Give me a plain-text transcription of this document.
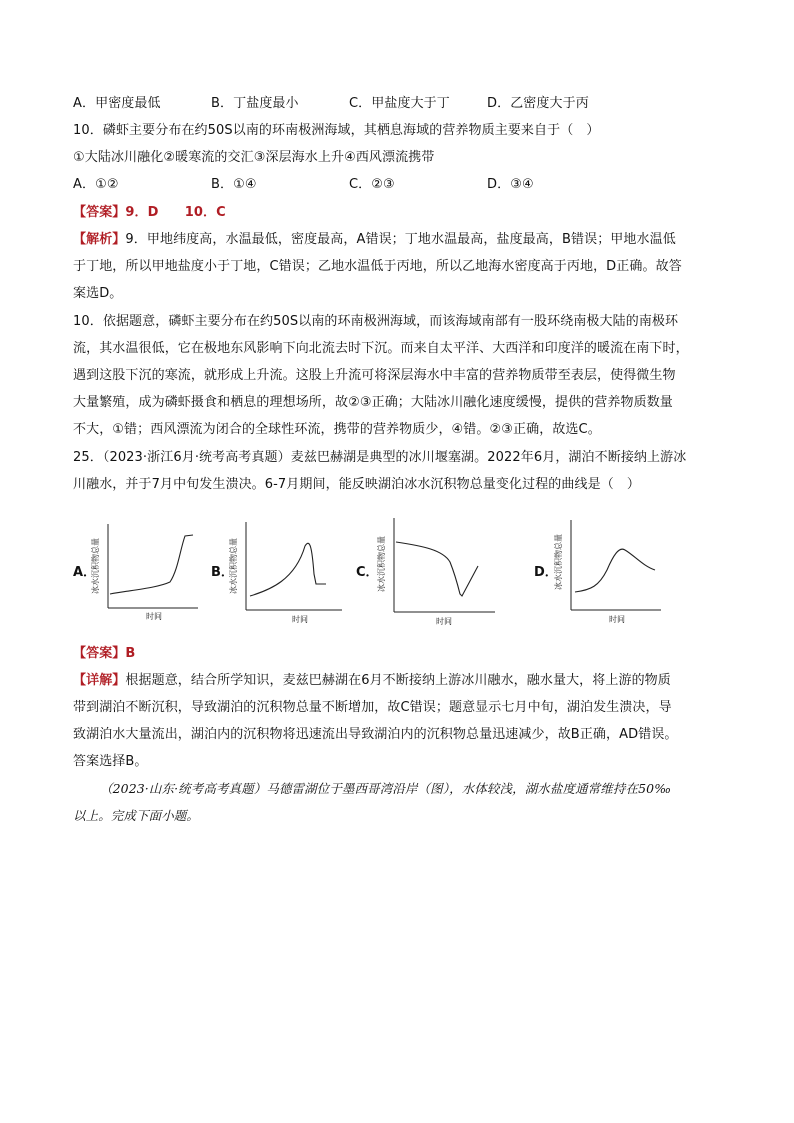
A．甲密度最低	B．丁盐度最小	C．甲盐度大于丁	D．乙密度大于丙
10．磷虾主要分布在约50S以南的环南极洲海域，其栖息海域的营养物质主要来自于（　）
①大陆冰川融化②暖寒流的交汇③深层海水上升④西风漂流携带
A．①②	B．①④	C．②③	D．③④
【答案】9．D　　10．C
【解析】9．甲地纬度高，水温最低，密度最高，A错误；丁地水温最高，盐度最高，B错误；甲地水温低
于丁地，所以甲地盐度小于丁地，C错误；乙地水温低于丙地，所以乙地海水密度高于丙地，D正确。故答
案选D。
10．依据题意，磷虾主要分布在约50S以南的环南极洲海域，而该海域南部有一股环绕南极大陆的南极环
流，其水温很低，它在极地东风影响下向北流去时下沉。而来自太平洋、大西洋和印度洋的暖流在南下时，
遇到这股下沉的寒流，就形成上升流。这股上升流可将深层海水中丰富的营养物质带至表层，使得微生物
大量繁殖，成为磷虾摄食和栖息的理想场所，故②③正确；大陆冰川融化速度缓慢，提供的营养物质数量
不大，①错；西风漂流为闭合的全球性环流，携带的营养物质少，④错。②③正确，故选C。
25．（2023·浙江6月·统考高考真题）麦兹巴赫湖是典型的冰川堰塞湖。2022年6月，湖泊不断接纳上游冰
川融水，并于7月中旬发生溃决。6-7月期间，能反映湖泊冰水沉积物总量变化过程的曲线是（　）
A．
冰水沉积物总量
时间
B．
冰水沉积物总量
时间
C．
冰水沉积物总量
时间
D．
冰水沉积物总量
时间
【答案】B
【详解】根据题意，结合所学知识，麦兹巴赫湖在6月不断接纳上游冰川融水，融水量大，将上游的物质
带到湖泊不断沉积，导致湖泊的沉积物总量不断增加，故C错误；题意显示七月中旬，湖泊发生溃决，导
致湖泊水大量流出，湖泊内的沉积物将迅速流出导致湖泊内的沉积物总量迅速减少，故B正确，AD错误。
答案选择B。
（2023·山东·统考高考真题）马德雷湖位于墨西哥湾沿岸（图），水体较浅，湖水盐度通常维持在50‰
以上。完成下面小题。
